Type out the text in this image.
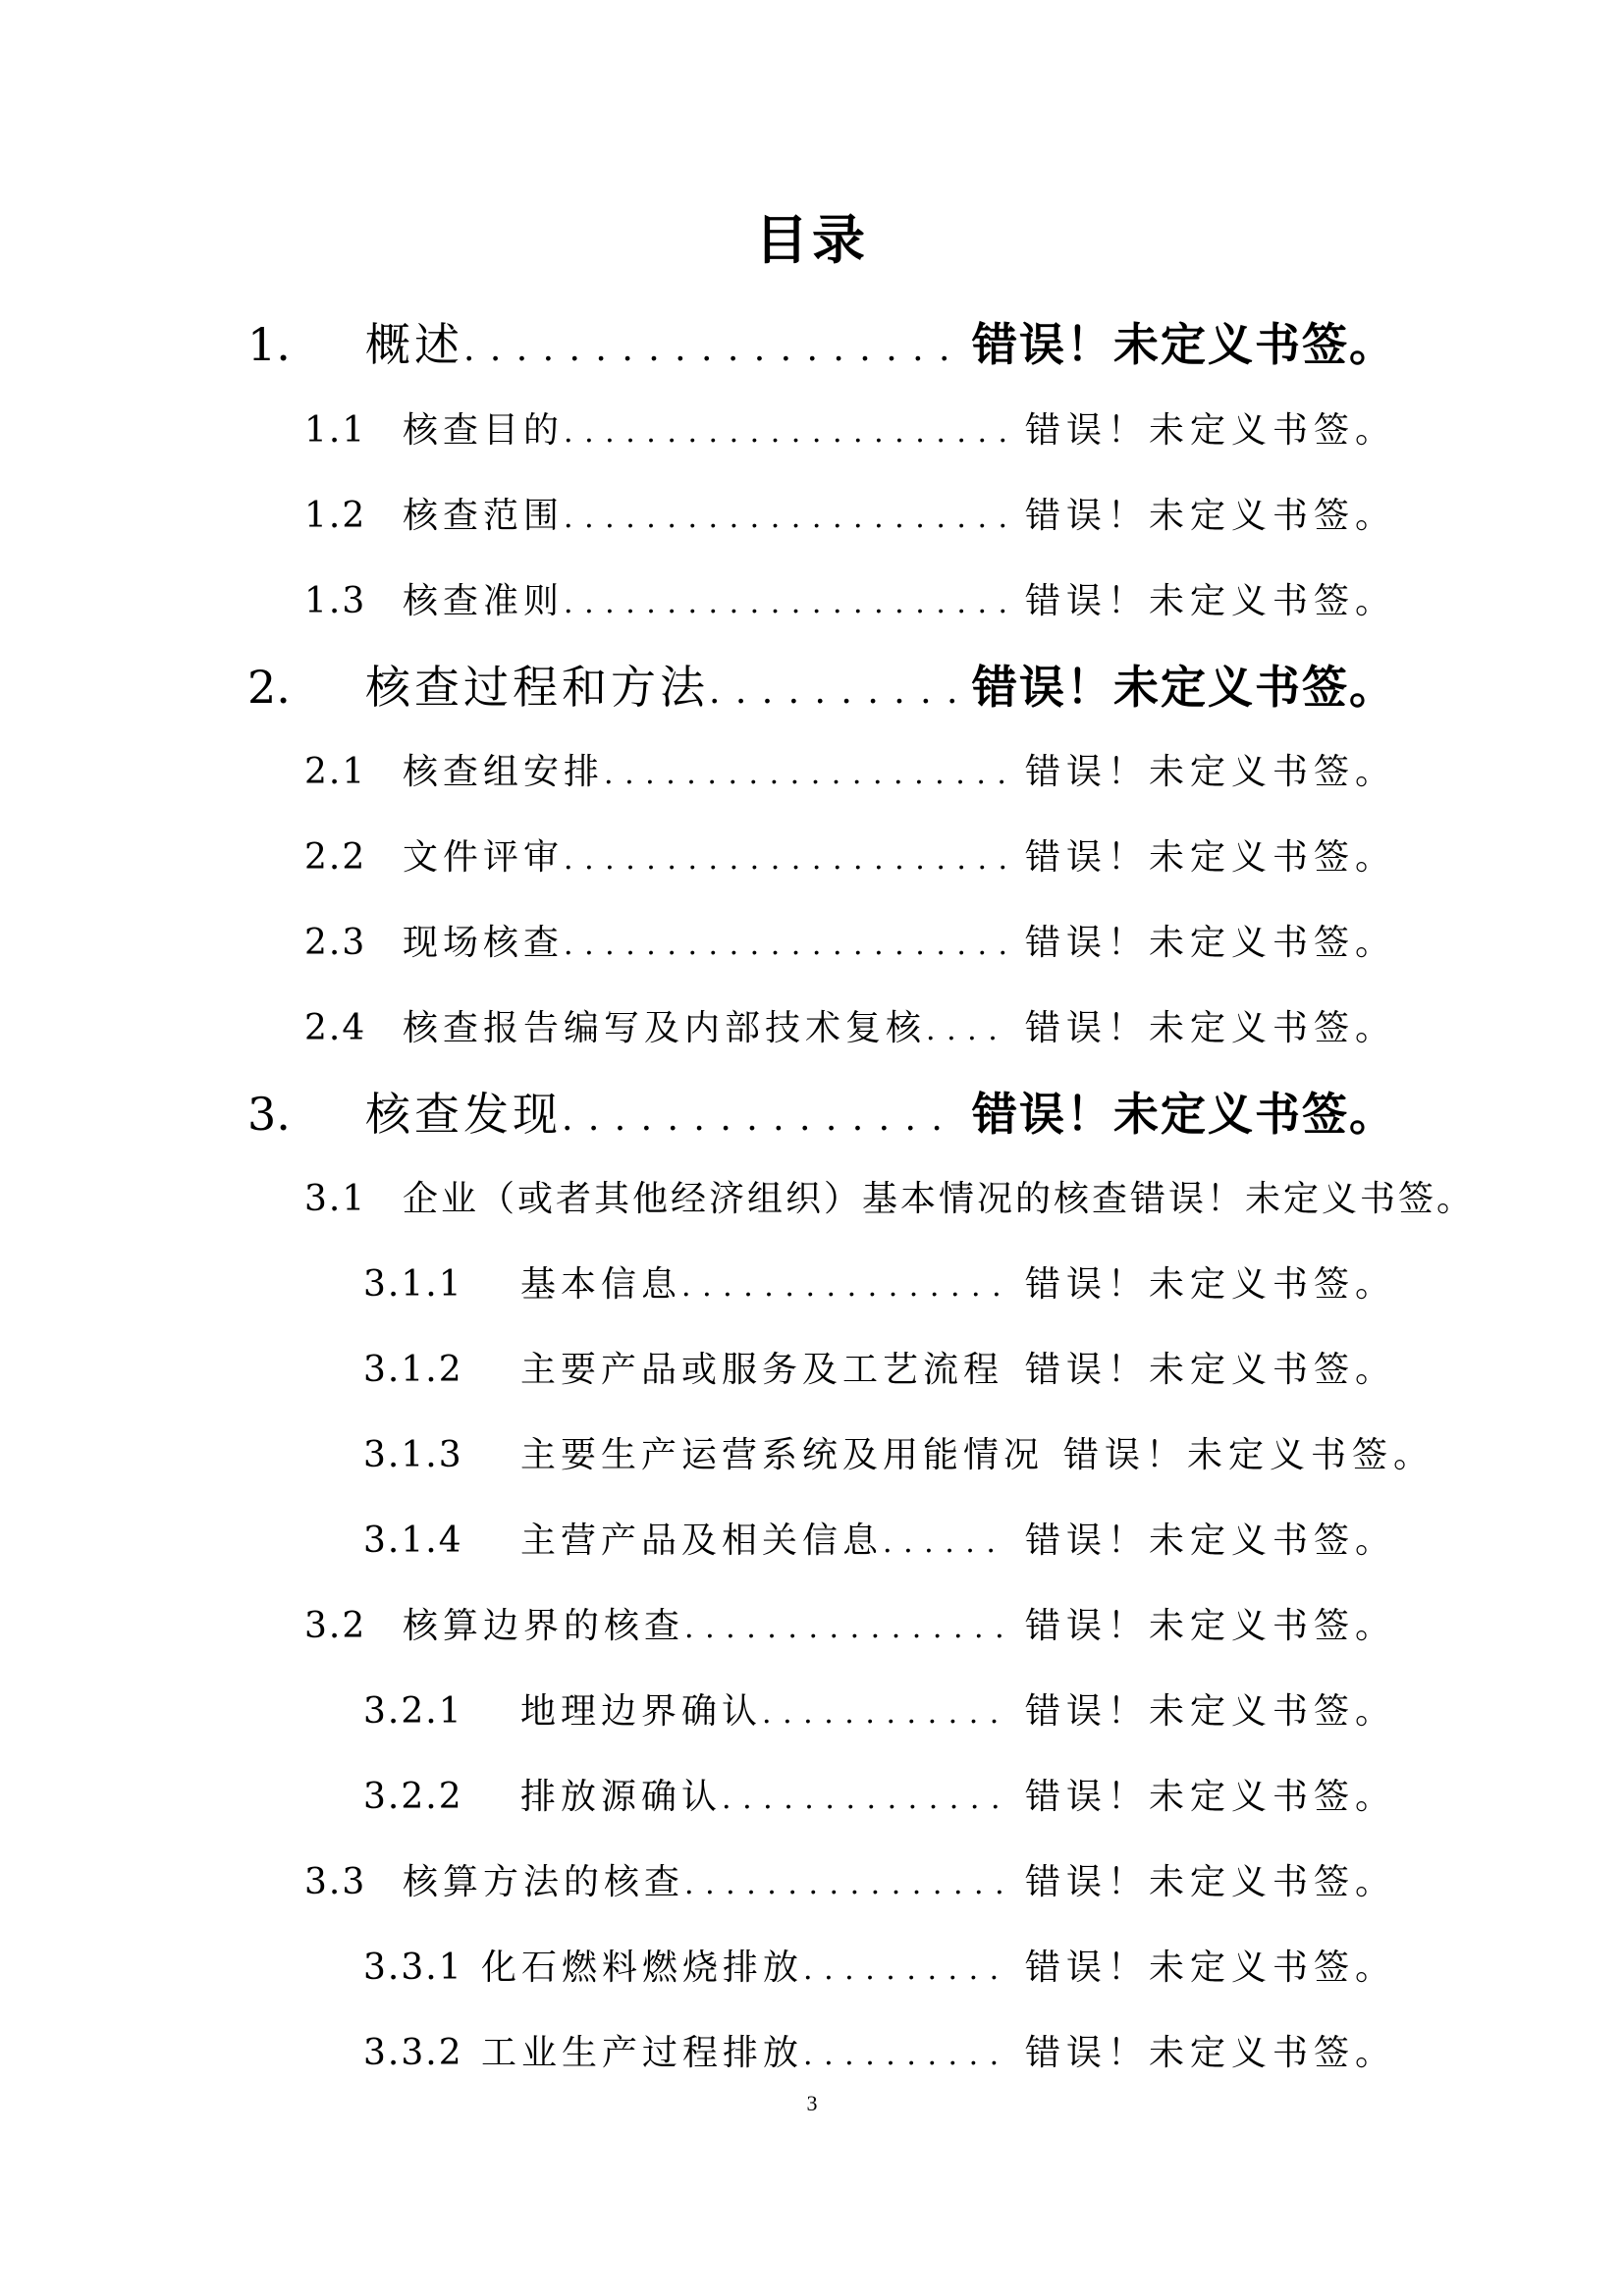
目录
1.	概述 . . .	错误！未定义书签。
1.1	核查目的 . . .	错误！未定义书签。
1.2	核查范围 . . .	错误！未定义书签。
1.3	核查准则 . . .	错误！未定义书签。
2.	核查过程和方法 . . .	错误！未定义书签。
2.1	核查组安排 . . .	错误！未定义书签。
2.2	文件评审 . . .	错误！未定义书签。
2.3	现场核查 . . .	错误！未定义书签。
2.4	核查报告编写及内部技术复核 . . .	错误！未定义书签。
3.	核查发现 . . .	错误！未定义书签。
3.1	企业（或者其他经济组织）基本情况的核查 错误！未定义书签。
3.1.1	基本信息 . . .	错误！未定义书签。
3.1.2	主要产品或服务及工艺流程 . . . 错误！未定义书签。
3.1.3	主要生产运营系统及用能情况 错误！未定义书签。
3.1.4	主营产品及相关信息 . . .	错误！未定义书签。
3.2	核算边界的核查 . . .	错误！未定义书签。
3.2.1	地理边界确认 . . .	错误！未定义书签。
3.2.2	排放源确认 . . .	错误！未定义书签。
3.3	核算方法的核查 . . .	错误！未定义书签。
3.3.1 化石燃料燃烧排放 . . .	错误！未定义书签。
3.3.2 工业生产过程排放 . . .	错误！未定义书签。
3
